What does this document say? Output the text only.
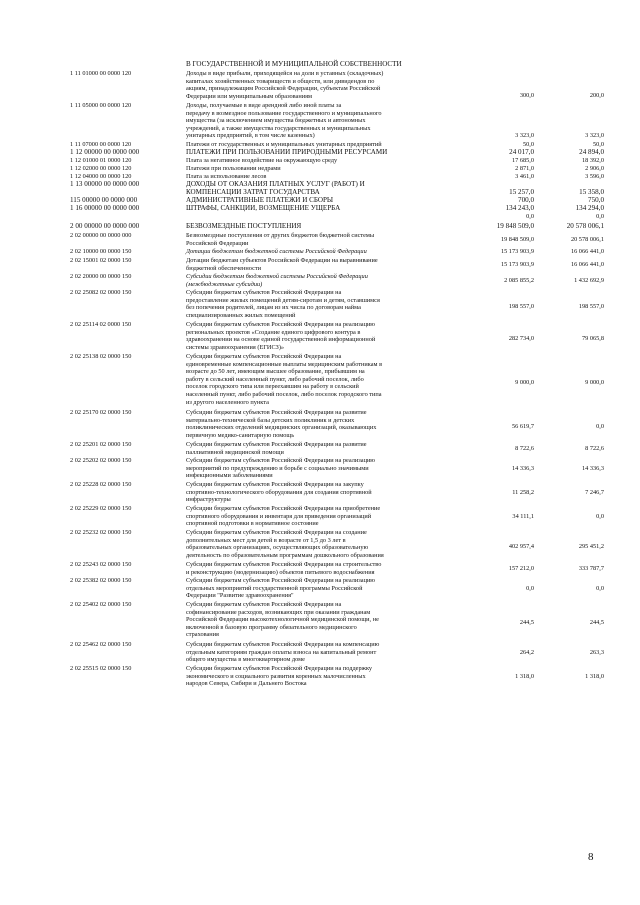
В ГОСУДАРСТВЕННОЙ И МУНИЦИПАЛЬНОЙ СОБСТВЕННОСТИ
1 11 01000 00 0000 120	Доходы в виде прибыли, приходящейся на доли в уставных (складочных)
капиталах хозяйственных товариществ и обществ, или дивидендов по
акциям, принадлежащим Российской Федерации, субъектам Российской
Федерации или муниципальным образованиям	300,0	200,0
1 11 05000 00 0000 120	Доходы, получаемые в виде арендной либо иной платы за
передачу в возмездное пользование государственного и муниципального
имущества (за исключением имущества бюджетных и автономных
учреждений, а также имущества государственных и муниципальных
унитарных предприятий, в том числе казенных)	3 323,0	3 323,0
1 11 07000 00 0000 120	Платежи от государственных и муниципальных унитарных предприятий	50,0	50,0
1 12 00000 00 0000 000	ПЛАТЕЖИ ПРИ ПОЛЬЗОВАНИИ ПРИРОДНЫМИ РЕСУРСАМИ	24 017,0	24 894,0
1 12 01000 01 0000 120	Плата за негативное воздействие на окружающую среду	17 685,0	18 392,0
1 12 02000 00 0000 120	Платежи при пользовании недрами	2 871,0	2 906,0
1 12 04000 00 0000 120	Плата за использование лесов	3 461,0	3 596,0
1 13 00000 00 0000 000	ДОХОДЫ ОТ ОКАЗАНИЯ ПЛАТНЫХ УСЛУГ (РАБОТ) И
КОМПЕНСАЦИИ ЗАТРАТ ГОСУДАРСТВА	15 257,0	15 358,0
115 00000 00 0000 000	АДМИНИСТРАТИВНЫЕ ПЛАТЕЖИ И СБОРЫ	700,0	750,0
1 16 00000 00 0000 000	ШТРАФЫ, САНКЦИИ, ВОЗМЕЩЕНИЕ УЩЕРБА	134 243,0	134 294,0
0,0	0,0
2 00 00000 00 0000 000	БЕЗВОЗМЕЗДНЫЕ ПОСТУПЛЕНИЯ	19 848 509,0	20 578 006,1
2 02 00000 00 0000 000	Безвозмездные поступления от других бюджетов бюджетной системы
Российской Федерации
19 848 509,0	20 578 006,1
2 02 10000 00 0000 150	Дотации бюджетам бюджетной системы Российской Федерации	15 173 903,9	16 066 441,0
2 02 15001 02 0000 150	Дотации бюджетам субъектов Российской Федерации на выравнивание
бюджетной обеспеченности
15 173 903,9	16 066 441,0
2 02 20000 00 0000 150	Субсидии бюджетам бюджетной системы Российской Федерации
(межбюджетные субсидии)
2 085 855,2	1 432 692,9
2 02 25082 02 0000 150	Субсидии бюджетам субъектов Российской Федерации на
предоставление жилых помещений детям-сиротам и детям, оставшимся
без попечения родителей, лицам из их числа по договорам найма
специализированных жилых помещений
198 557,0	198 557,0
2 02 25114 02 0000 150	Субсидии бюджетам субъектов Российской Федерации на реализацию
региональных проектов «Создание единого цифрового контура в
здравоохранении на основе единой государственной информационной
системы здравоохранения (ЕГИСЗ)»
282 734,0	79 065,8
2 02 25138 02 0000 150	Субсидии бюджетам субъектов Российской Федерации на
единовременные компенсационные выплаты медицинским работникам в
возрасте до 50 лет, имеющим высшее образование, прибывшим на
работу в сельский населенный пункт, либо рабочий поселок, либо
поселок городского типа или переехавшим на работу в сельский
населенный пункт, либо рабочий поселок, либо поселок городского типа
из другого населенного пункта
9 000,0	9 000,0
2 02 25170 02 0000 150	Субсидии бюджетам субъектов Российской Федерации на развитие
материально-технической базы детских поликлиник и детских
поликлинических отделений медицинских организаций, оказывающих
первичную медико-санитарную помощь
56 619,7	0,0
2 02 25201 02 0000 150	Субсидии бюджетам субъектов Российской Федерации на развитие
паллиативной медицинской помощи
8 722,6	8 722,6
2 02 25202 02 0000 150	Субсидии бюджетам субъектов Российской Федерации на реализацию
мероприятий по предупреждению и борьбе с социально значимыми
инфекционными заболеваниями
14 336,3	14 336,3
2 02 25228 02 0000 150	Субсидии бюджетам субъектов Российской Федерации на закупку
спортивно-технологического оборудования для создания спортивной
инфраструктуры
11 258,2	7 246,7
2 02 25229 02 0000 150	Субсидии бюджетам субъектов Российской Федерации на приобретение
спортивного оборудования и инвентаря для приведения организаций
спортивной подготовки в нормативное состояние
34 111,1	0,0
2 02 25232 02 0000 150	Субсидии бюджетам субъектов Российской Федерации на создание
дополнительных мест для детей в возрасте от 1,5 до 3 лет в
образовательных организациях, осуществляющих образовательную
деятельность по образовательным программам дошкольного образования
402 957,4	295 451,2
2 02 25243 02 0000 150	Субсидии бюджетам субъектов Российской Федерации на строительство
и реконструкцию (модернизацию) объектов питьевого водоснабжения
157 212,0	333 787,7
2 02 25382 02 0000 150	Субсидии бюджетам субъектов Российской Федерации на реализацию
отдельных мероприятий государственной программы Российской
Федерации "Развитие здравоохранения"
0,0	0,0
2 02 25402 02 0000 150	Субсидии бюджетам субъектов Российской Федерации на
софинансирование расходов, возникающих при оказании гражданам
Российской Федерации высокотехнологичной медицинской помощи, не
включенной в базовую программу обязательного медицинского
страхования
244,5	244,5
2 02 25462 02 0000 150	Субсидии бюджетам субъектов Российской Федерации на компенсацию
отдельным категориям граждан оплаты взноса на капитальный ремонт
общего имущества в многоквартирном доме
264,2	263,3
2 02 25515 02 0000 150	Субсидии бюджетам субъектов Российской Федерации на поддержку
экономического и социального развития коренных малочисленных
народов Севера, Сибири и Дальнего Востока
1 318,0	1 318,0
8
